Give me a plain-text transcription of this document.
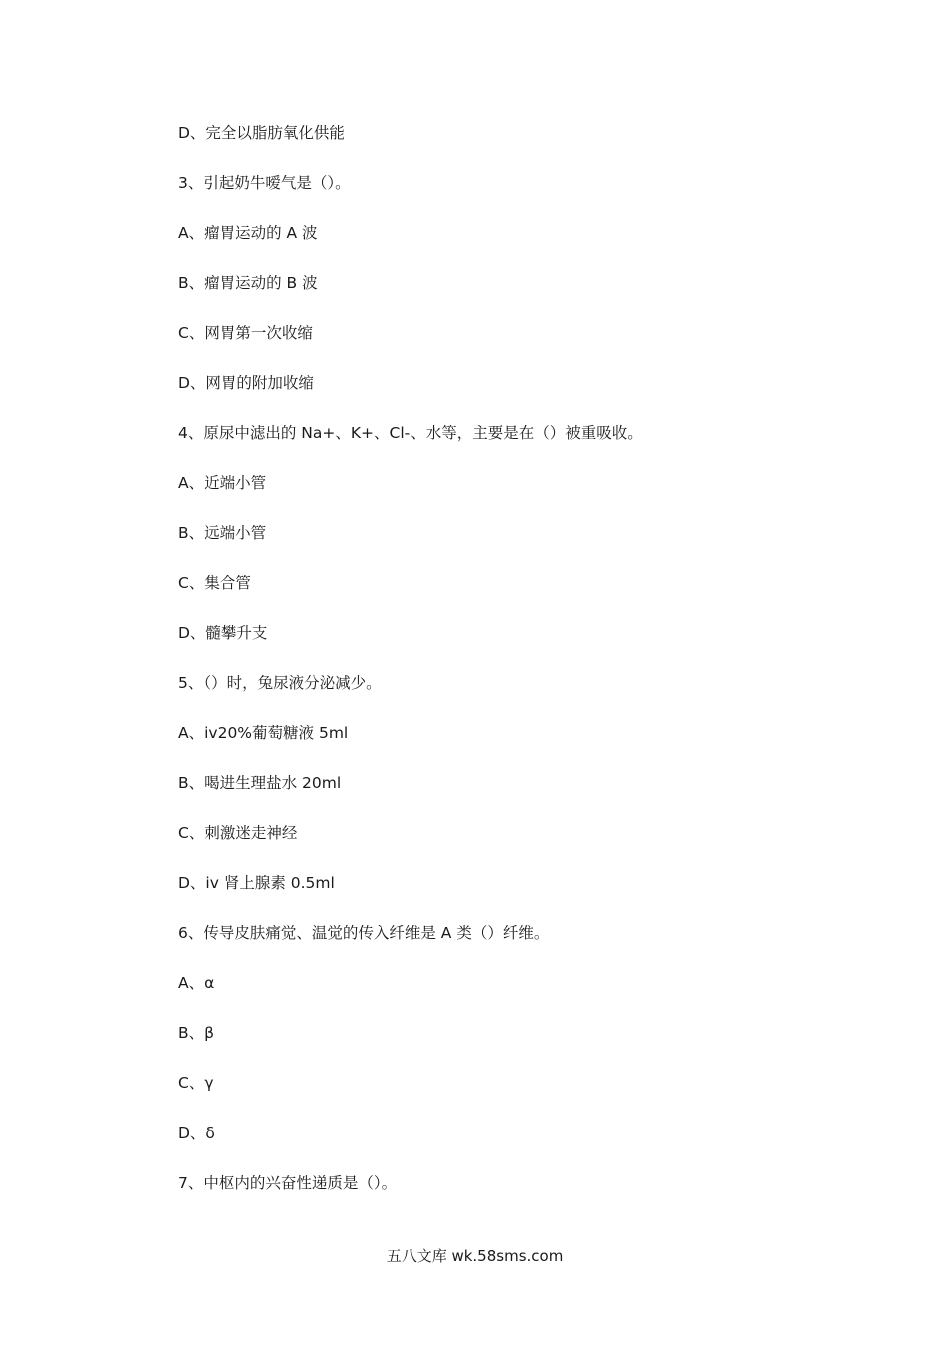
D、完全以脂肪氧化供能
3、引起奶牛嗳气是（）。
A、瘤胃运动的 A 波
B、瘤胃运动的 B 波
C、网胃第一次收缩
D、网胃的附加收缩
4、原尿中滤出的 Na+、K+、Cl-、水等，主要是在（）被重吸收。
A、近端小管
B、远端小管
C、集合管
D、髓攀升支
5、（）时，兔尿液分泌减少。
A、iv20%葡萄糖液 5ml
B、喝进生理盐水 20ml
C、刺激迷走神经
D、iv 肾上腺素 0.5ml
6、传导皮肤痛觉、温觉的传入纤维是 A 类（）纤维。
A、α
B、β
C、γ
D、δ
7、中枢内的兴奋性递质是（）。
五八文库 wk.58sms.com
